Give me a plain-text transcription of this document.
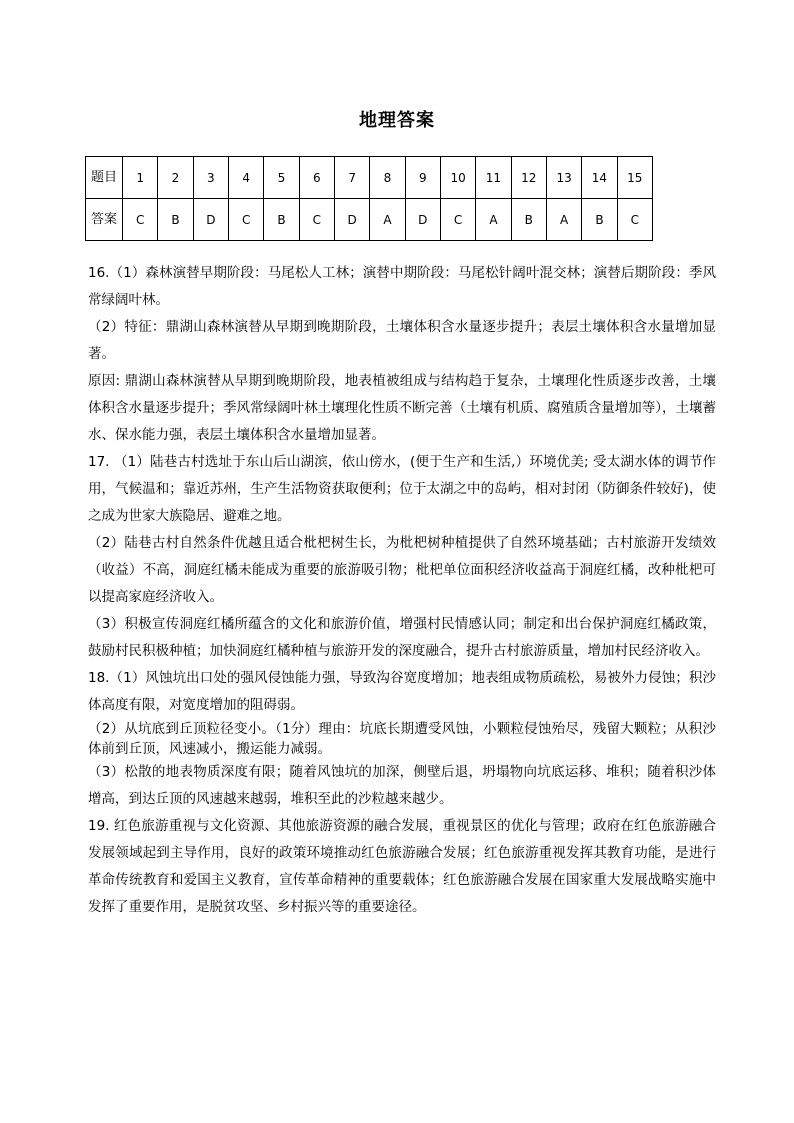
地理答案
题目	1	2	3	4	5	6	7	8	9	10	11	12	13	14	15
答案	C	B	D	C	B	C	D	A	D	C	A	B	A	B	C

16.（1）森林演替早期阶段：马尾松人工林；演替中期阶段：马尾松针阔叶混交林；演替后期阶段：季风常绿阔叶林。

（2）特征：鼎湖山森林演替从早期到晚期阶段，土壤体积含水量逐步提升；表层土壤体积含水量增加显著。

原因: 鼎湖山森林演替从早期到晚期阶段，地表植被组成与结构趋于复杂，土壤理化性质逐步改善，土壤体积含水量逐步提升；季风常绿阔叶林土壤理化性质不断完善（土壤有机质、腐殖质含量增加等），土壤蓄水、保水能力强，表层土壤体积含水量增加显著。

17. （1）陆巷古村选址于东山后山湖滨，依山傍水，(便于生产和生活,）环境优美; 受太湖水体的调节作用，气候温和；靠近苏州，生产生活物资获取便利；位于太湖之中的岛屿，相对封闭（防御条件较好)，使之成为世家大族隐居、避难之地。

（2）陆巷古村自然条件优越且适合枇杷树生长，为枇杷树种植提供了自然环境基础；古村旅游开发绩效（收益）不高，洞庭红橘未能成为重要的旅游吸引物；枇杷单位面积经济收益高于洞庭红橘，改种枇杷可以提高家庭经济收入。

（3）积极宣传洞庭红橘所蕴含的文化和旅游价值，增强村民情感认同；制定和出台保护洞庭红橘政策，鼓励村民积极种植；加快洞庭红橘种植与旅游开发的深度融合，提升古村旅游质量，增加村民经济收入。

18.（1）风蚀坑出口处的强风侵蚀能力强，导致沟谷宽度增加；地表组成物质疏松，易被外力侵蚀；积沙体高度有限，对宽度增加的阻碍弱。

（2）从坑底到丘顶粒径变小。（1分）理由：坑底长期遭受风蚀，小颗粒侵蚀殆尽，残留大颗粒；从积沙体前到丘顶，风速减小，搬运能力减弱。

（3）松散的地表物质深度有限；随着风蚀坑的加深，侧壁后退，坍塌物向坑底运移、堆积；随着积沙体增高，到达丘顶的风速越来越弱，堆积至此的沙粒越来越少。

19. 红色旅游重视与文化资源、其他旅游资源的融合发展，重视景区的优化与管理；政府在红色旅游融合发展领域起到主导作用，良好的政策环境推动红色旅游融合发展；红色旅游重视发挥其教育功能，是进行革命传统教育和爱国主义教育，宣传革命精神的重要载体；红色旅游融合发展在国家重大发展战略实施中发挥了重要作用，是脱贫攻坚、乡村振兴等的重要途径。
